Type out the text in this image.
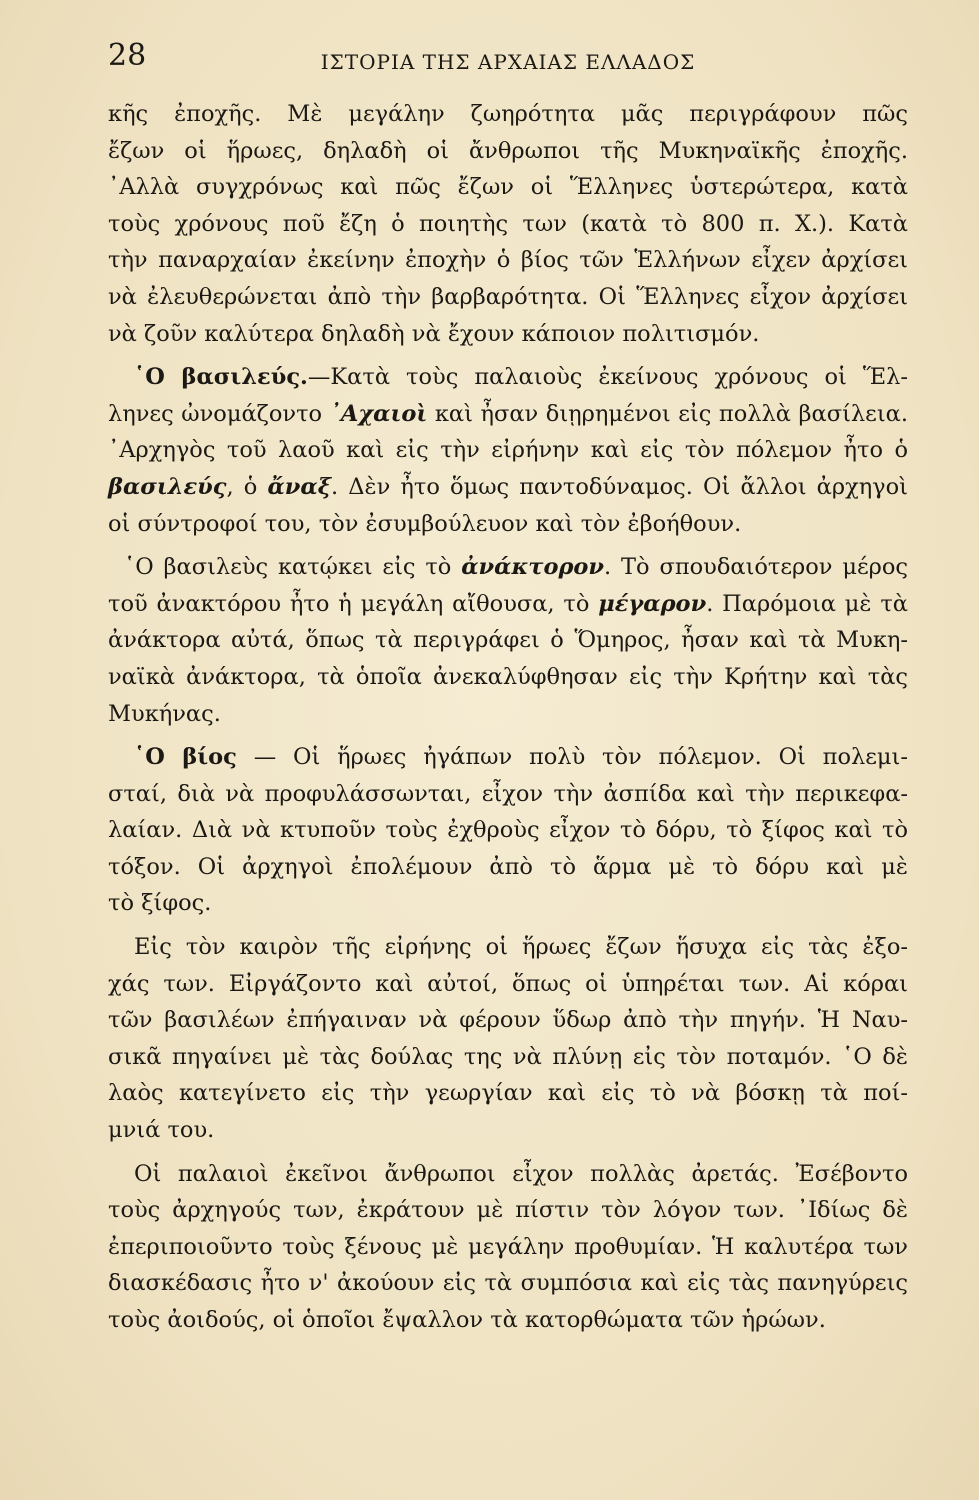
28	ΙΣΤΟΡΙΑ ΤΗΣ ΑΡΧΑΙΑΣ ΕΛΛΑΔΟΣ
κῆς ἐποχῆς. Μὲ μεγάλην ζωηρότητα μᾶς περιγράφουν πῶς
ἔζων οἱ ἥρωες, δηλαδὴ οἱ ἄνθρωποι τῆς Μυκηναϊκῆς ἐποχῆς.
᾿Αλλὰ συγχρόνως καὶ πῶς ἔζων οἱ Ἕλληνες ὑστερώτερα, κατὰ
τοὺς χρόνους ποῦ ἔζη ὁ ποιητὴς των (κατὰ τὸ 800 π. Χ.). Κατὰ
τὴν παναρχαίαν ἐκείνην ἐποχὴν ὁ βίος τῶν Ἑλλήνων εἶχεν ἀρχίσει
νὰ ἐλευθερώνεται ἀπὸ τὴν βαρβαρότητα. Οἱ Ἕλληνες εἶχον ἀρχίσει
νὰ ζοῦν καλύτερα δηλαδὴ νὰ ἔχουν κάποιον πολιτισμόν.
῾Ο βασιλεύς.—Κατὰ τοὺς παλαιοὺς ἐκείνους χρόνους οἱ Ἕλ-
ληνες ὠνομάζοντο ᾿Αχαιοὶ καὶ ἦσαν διῃρημένοι εἰς πολλὰ βασίλεια.
᾿Αρχηγὸς τοῦ λαοῦ καὶ εἰς τὴν εἰρήνην καὶ εἰς τὸν πόλεμον ἦτο ὁ
βασιλεύς, ὁ ἄναξ. Δὲν ἦτο ὅμως παντοδύναμος. Οἱ ἄλλοι ἀρχηγοὶ
οἱ σύντροφοί του, τὸν ἐσυμβούλευον καὶ τὸν ἐβοήθουν.
῾Ο βασιλεὺς κατῴκει εἰς τὸ ἀνάκτορον. Τὸ σπουδαιότερον μέρος
τοῦ ἀνακτόρου ἦτο ἡ μεγάλη αἴθουσα, τὸ μέγαρον. Παρόμοια μὲ τὰ
ἀνάκτορα αὐτά, ὅπως τὰ περιγράφει ὁ Ὅμηρος, ἦσαν καὶ τὰ Μυκη-
ναϊκὰ ἀνάκτορα, τὰ ὁποῖα ἀνεκαλύφθησαν εἰς τὴν Κρήτην καὶ τὰς
Μυκήνας.
῾Ο βίος — Οἱ ἥρωες ἠγάπων πολὺ τὸν πόλεμον. Οἱ πολεμι-
σταί, διὰ νὰ προφυλάσσωνται, εἶχον τὴν ἀσπίδα καὶ τὴν περικεφα-
λαίαν. Διὰ νὰ κτυποῦν τοὺς ἐχθροὺς εἶχον τὸ δόρυ, τὸ ξίφος καὶ τὸ
τόξον. Οἱ ἀρχηγοὶ ἐπολέμουν ἀπὸ τὸ ἅρμα μὲ τὸ δόρυ καὶ μὲ
τὸ ξίφος.
Εἰς τὸν καιρὸν τῆς εἰρήνης οἱ ἥρωες ἔζων ἥσυχα εἰς τὰς ἐξο-
χάς των. Εἰργάζοντο καὶ αὐτοί, ὅπως οἱ ὑπηρέται των. Αἱ κόραι
τῶν βασιλέων ἐπήγαιναν νὰ φέρουν ὕδωρ ἀπὸ τὴν πηγήν. Ἡ Ναυ-
σικᾶ πηγαίνει μὲ τὰς δούλας της νὰ πλύνῃ εἰς τὸν ποταμόν. ῾Ο δὲ
λαὸς κατεγίνετο εἰς τὴν γεωργίαν καὶ εἰς τὸ νὰ βόσκῃ τὰ ποί-
μνιά του.
Οἱ παλαιοὶ ἐκεῖνοι ἄνθρωποι εἶχον πολλὰς ἀρετάς. Ἐσέβοντο
τοὺς ἀρχηγούς των, ἐκράτουν μὲ πίστιν τὸν λόγον των. ᾿Ιδίως δὲ
ἐπεριποιοῦντο τοὺς ξένους μὲ μεγάλην προθυμίαν. Ἡ καλυτέρα των
διασκέδασις ἦτο ν' ἀκούουν εἰς τὰ συμπόσια καὶ εἰς τὰς πανηγύρεις
τοὺς ἀοιδούς, οἱ ὁποῖοι ἔψαλλον τὰ κατορθώματα τῶν ἡρώων.
